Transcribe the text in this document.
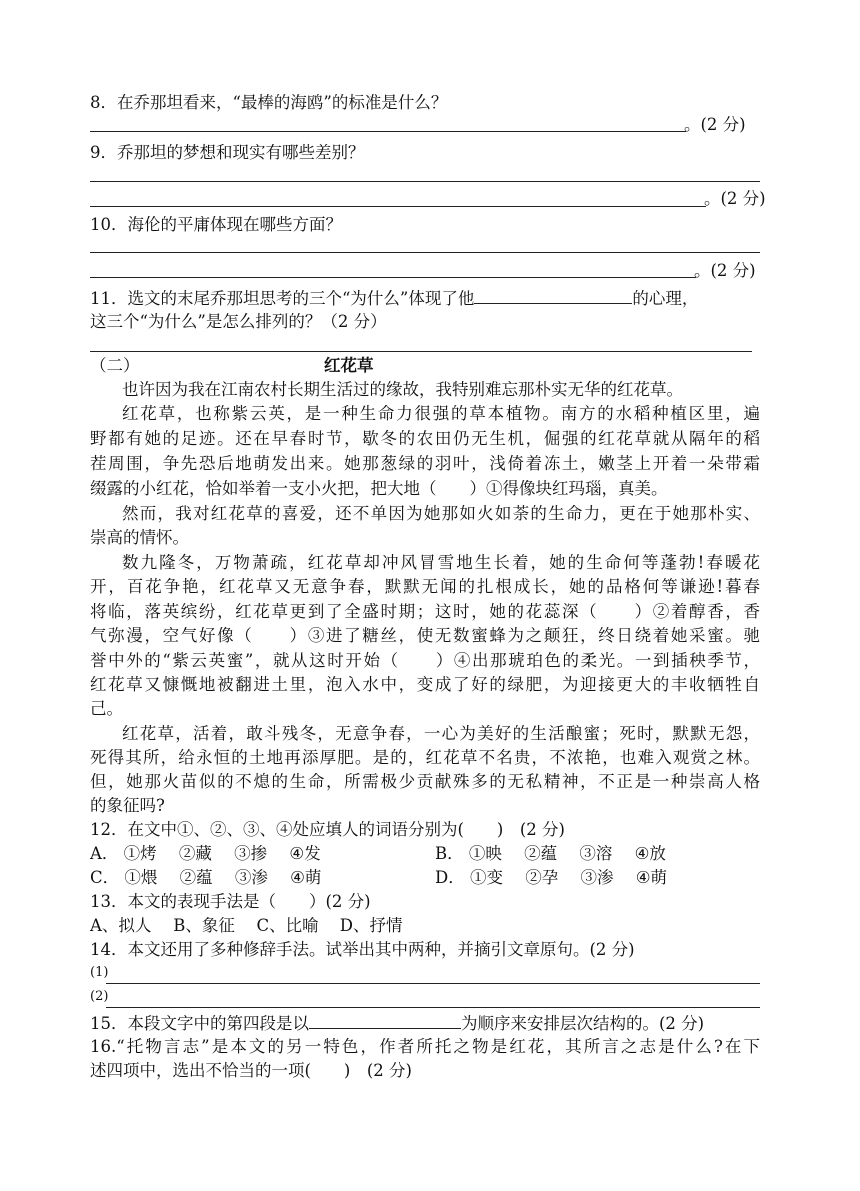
8．在乔那坦看来，“最棒的海鸥”的标准是什么？
。(2 分)
9．乔那坦的梦想和现实有哪些差别？
。(2 分)
10．海伦的平庸体现在哪些方面？
。(2 分)
11．选文的末尾乔那坦思考的三个“为什么”体现了他	的心理，
这三个“为什么”是怎么排列的？（2 分）
（二）	红花草
也许因为我在江南农村长期生活过的缘故，我特别难忘那朴实无华的红花草。
红花草，也称紫云英，是一种生命力很强的草本植物。南方的水稻种植区里，遍
野都有她的足迹。还在早春时节，歇冬的农田仍无生机，倔强的红花草就从隔年的稻
茬周围，争先恐后地萌发出来。她那葱绿的羽叶，浅倚着冻土，嫩茎上开着一朵带霜
缀露的小红花，恰如举着一支小火把，把大地（　　）①得像块红玛瑙，真美。
然而，我对红花草的喜爱，还不单因为她那如火如荼的生命力，更在于她那朴实、
崇高的情怀。
数九隆冬，万物萧疏，红花草却冲风冒雪地生长着，她的生命何等蓬勃!春暖花
开，百花争艳，红花草又无意争春，默默无闻的扎根成长，她的品格何等谦逊!暮春
将临，落英缤纷，红花草更到了全盛时期；这时，她的花蕊深（　　）②着醇香，香
气弥漫，空气好像（　　）③进了糖丝，使无数蜜蜂为之颠狂，终日绕着她采蜜。驰
誉中外的“紫云英蜜”，就从这时开始（　　）④出那琥珀色的柔光。一到插秧季节，
红花草又慷慨地被翻进土里，泡入水中，变成了好的绿肥，为迎接更大的丰收牺牲自
己。
红花草，活着，敢斗残冬，无意争春，一心为美好的生活酿蜜；死时，默默无怨，
死得其所，给永恒的土地再添厚肥。是的，红花草不名贵，不浓艳，也难入观赏之林。
但，她那火苗似的不熄的生命，所需极少贡献殊多的无私精神，不正是一种崇高人格
的象征吗?
12．在文中①、②、③、④处应填人的词语分别为(　　)　(2 分)
A． ①烤 ②藏 ③掺 ④发	B． ①映 ②蕴 ③溶 ④放
C． ①煨 ②蕴 ③渗 ④萌	D． ①变 ②孕 ③渗 ④萌
13．本文的表现手法是（　　）(2 分)
A、拟人 B、象征 C、比喻 D、抒情
14．本文还用了多种修辞手法。试举出其中两种，并摘引文章原句。(2 分)
(1)
(2)
15．本段文字中的第四段是以	为顺序来安排层次结构的。(2 分)
16.“托物言志”是本文的另一特色，作者所托之物是红花，其所言之志是什么?在下
述四项中，选出不恰当的一项(　　)　(2 分)
